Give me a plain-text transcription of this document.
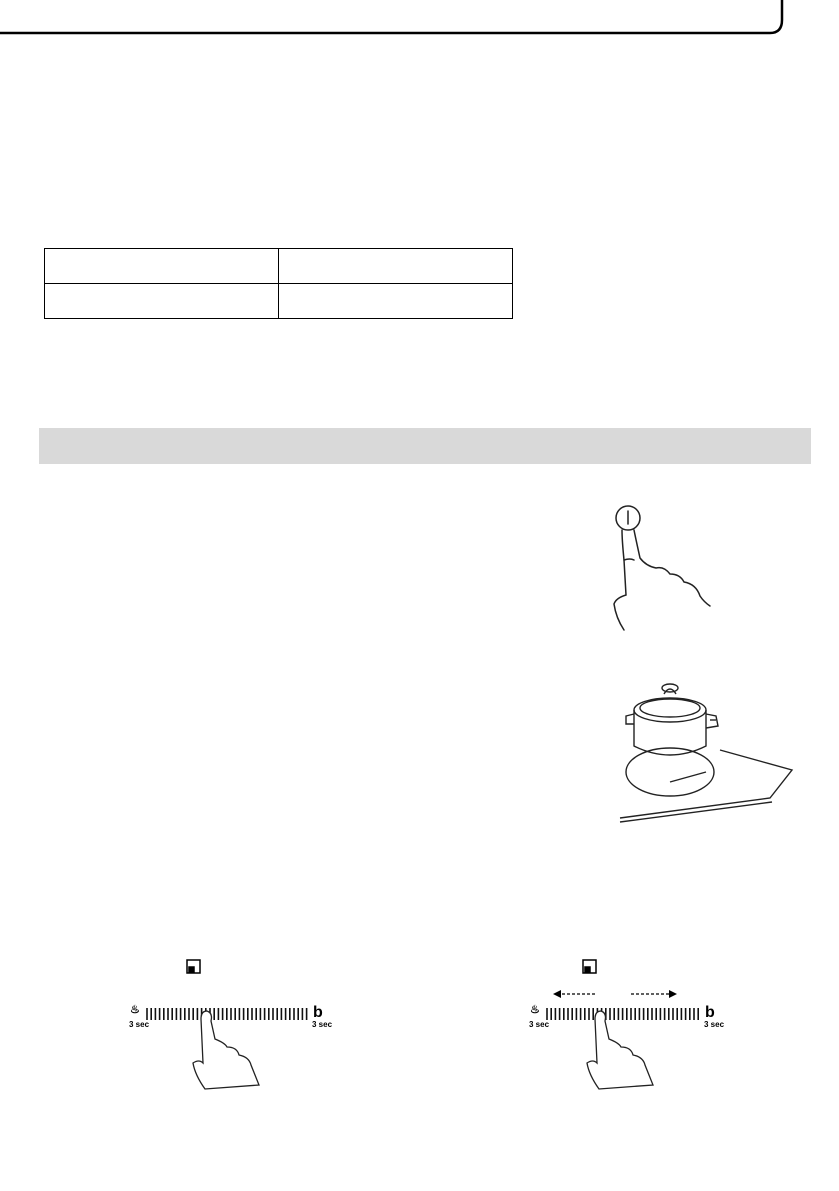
♨
3 sec
b
3 sec
♨
3 sec
b
3 sec
